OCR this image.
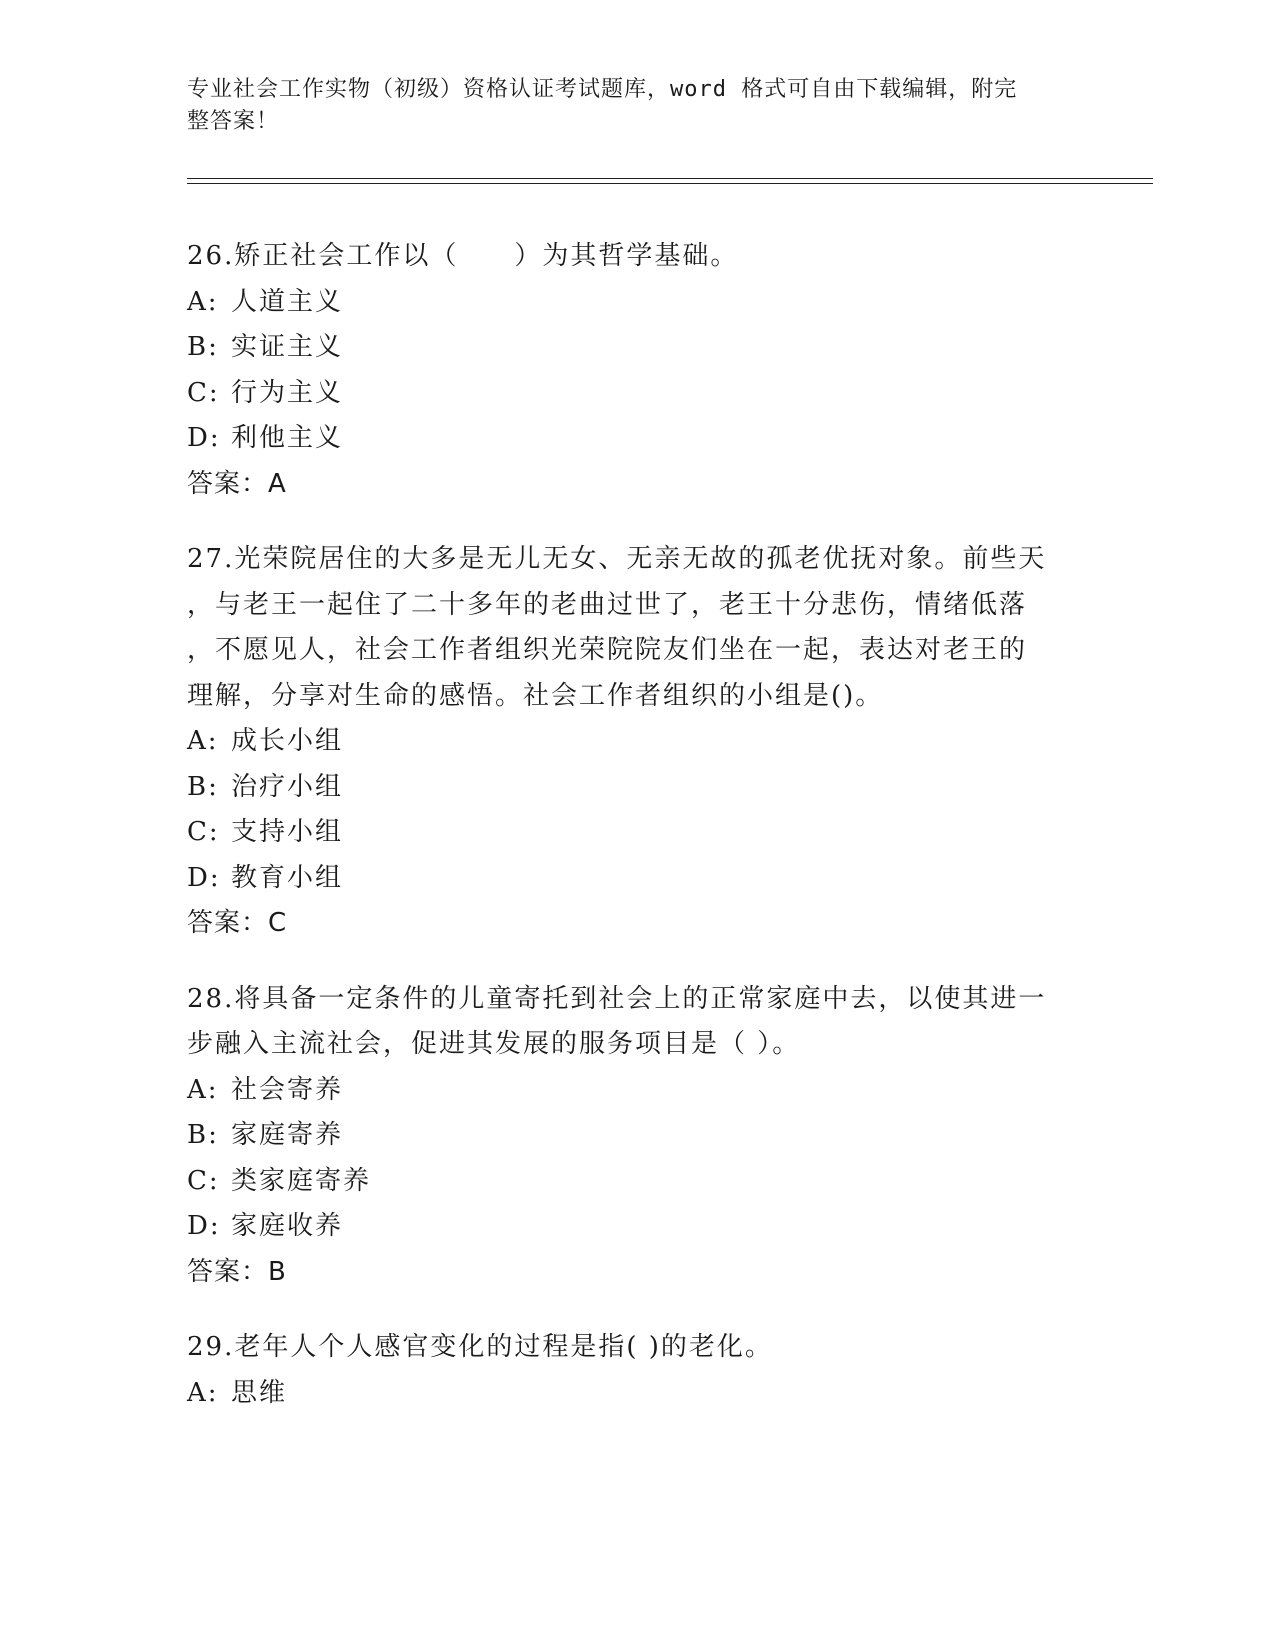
专业社会工作实物（初级）资格认证考试题库，word 格式可自由下载编辑，附完
整答案！
26.矫正社会工作以（　　）为其哲学基础。
A: 人道主义
B: 实证主义
C: 行为主义
D: 利他主义
答案：A
27.光荣院居住的大多是无儿无女、无亲无故的孤老优抚对象。前些天
，与老王一起住了二十多年的老曲过世了，老王十分悲伤，情绪低落
，不愿见人，社会工作者组织光荣院院友们坐在一起，表达对老王的
理解，分享对生命的感悟。社会工作者组织的小组是()。
A: 成长小组
B: 治疗小组
C: 支持小组
D: 教育小组
答案：C
28.将具备一定条件的儿童寄托到社会上的正常家庭中去，以使其进一
步融入主流社会，促进其发展的服务项目是（ ）。
A: 社会寄养
B: 家庭寄养
C: 类家庭寄养
D: 家庭收养
答案：B
29.老年人个人感官变化的过程是指( )的老化。
A: 思维
